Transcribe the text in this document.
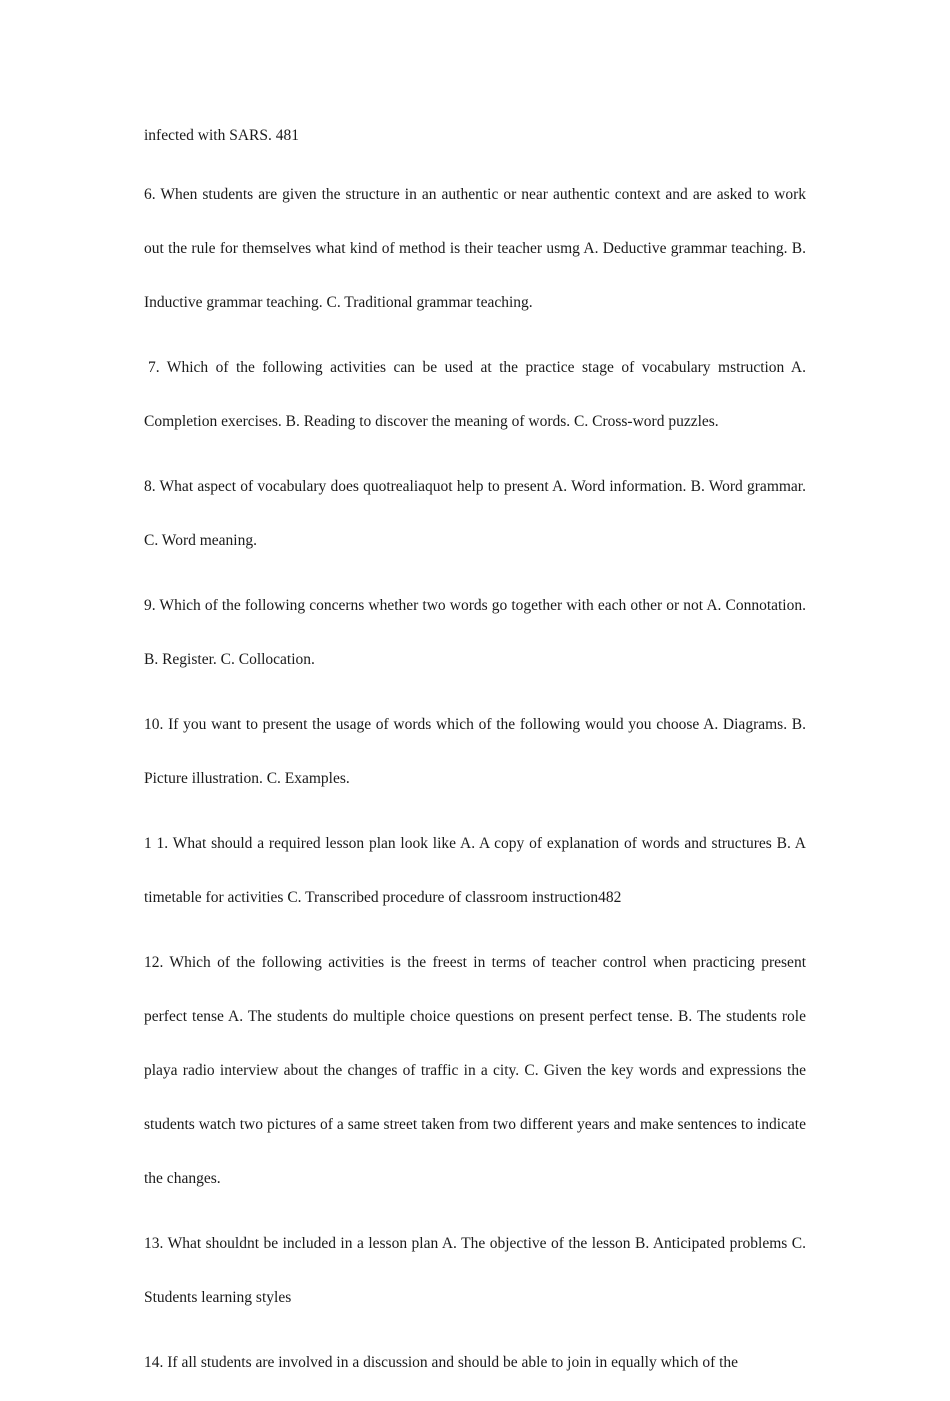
infected with SARS. 481

6. When students are given the structure in an authentic or near authentic context and are asked to work out the rule for themselves what kind of method is their teacher usmg A. Deductive grammar teaching. B. Inductive grammar teaching. C. Traditional grammar teaching.

7. Which of the following activities can be used at the practice stage of vocabulary mstruction A. Completion exercises. B. Reading to discover the meaning of words. C. Cross-word puzzles.

8. What aspect of vocabulary does quotrealiaquot help to present A. Word information. B. Word grammar. C. Word meaning.

9. Which of the following concerns whether two words go together with each other or not A. Connotation. B. Register. C. Collocation.

10. If you want to present the usage of words which of the following would you choose A. Diagrams. B. Picture illustration. C. Examples.

1 1. What should a required lesson plan look like A. A copy of explanation of words and structures B. A timetable for activities C. Transcribed procedure of classroom instruction482

12. Which of the following activities is the freest in terms of teacher control when practicing present perfect tense A. The students do multiple choice questions on present perfect tense. B. The students role playa radio interview about the changes of traffic in a city. C. Given the key words and expressions the students watch two pictures of a same street taken from two different years and make sentences to indicate the changes.

13. What shouldnt be included in a lesson plan A. The objective of the lesson B. Anticipated problems C. Students learning styles

14. If all students are involved in a discussion and should be able to join in equally which of the
